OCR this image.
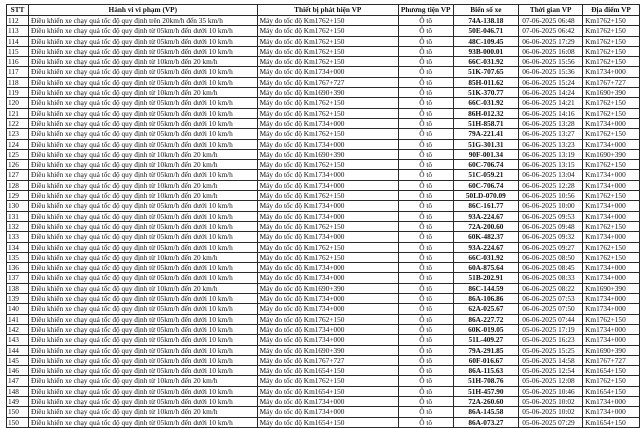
STT	Hành vi vi phạm (VP)	Thiết bị phát hiện VP	Phương tiện VP	Biển số xe	Thời gian VP	Địa điểm VP
112	Điều khiển xe chạy quá tốc độ quy định trên 20km/h đến 35 km/h	Máy đo tốc độ Km1762+150	Ô tô	74A-138.18	07-06-2025 06:48	Km1762+150
113	Điều khiển xe chạy quá tốc độ quy định từ 05km/h đến dưới 10 km/h	Máy đo tốc độ Km1762+150	Ô tô	50E-046.71	07-06-2025 06:42	Km1762+150
114	Điều khiển xe chạy quá tốc độ quy định từ 05km/h đến dưới 10 km/h	Máy đo tốc độ Km1762+150	Ô tô	48C-109.45	06-06-2025 17:29	Km1762+150
115	Điều khiển xe chạy quá tốc độ quy định từ 05km/h đến dưới 10 km/h	Máy đo tốc độ Km1762+150	Ô tô	93B-000.01	06-06-2025 16:08	Km1762+150
116	Điều khiển xe chạy quá tốc độ quy định từ 10km/h đến 20 km/h	Máy đo tốc độ Km1762+150	Ô tô	66C-031.92	06-06-2025 15:56	Km1762+150
117	Điều khiển xe chạy quá tốc độ quy định từ 05km/h đến dưới 10 km/h	Máy đo tốc độ Km1734+000	Ô tô	51K-707.65	06-06-2025 15:36	Km1734+000
118	Điều khiển xe chạy quá tốc độ quy định từ 05km/h đến dưới 10 km/h	Máy đo tốc độ Km1767+727	Ô tô	85H-011.62	06-06-2025 15:24	Km1767+727
119	Điều khiển xe chạy quá tốc độ quy định từ 10km/h đến 20 km/h	Máy đo tốc độ Km1690+390	Ô tô	51K-370.77	06-06-2025 14:24	Km1690+390
120	Điều khiển xe chạy quá tốc độ quy định từ 05km/h đến dưới 10 km/h	Máy đo tốc độ Km1762+150	Ô tô	66C-031.92	06-06-2025 14:21	Km1762+150
121	Điều khiển xe chạy quá tốc độ quy định từ 05km/h đến dưới 10 km/h	Máy đo tốc độ Km1762+150	Ô tô	86H-012.32	06-06-2025 14:16	Km1762+150
122	Điều khiển xe chạy quá tốc độ quy định từ 05km/h đến dưới 10 km/h	Máy đo tốc độ Km1734+000	Ô tô	51H-858.71	06-06-2025 13:28	Km1734+000
123	Điều khiển xe chạy quá tốc độ quy định từ 05km/h đến dưới 10 km/h	Máy đo tốc độ Km1762+150	Ô tô	79A-221.41	06-06-2025 13:27	Km1762+150
124	Điều khiển xe chạy quá tốc độ quy định từ 05km/h đến dưới 10 km/h	Máy đo tốc độ Km1734+000	Ô tô	51G-301.31	06-06-2025 13:23	Km1734+000
125	Điều khiển xe chạy quá tốc độ quy định từ 10km/h đến 20 km/h	Máy đo tốc độ Km1690+390	Ô tô	90F-001.34	06-06-2025 13:19	Km1690+390
126	Điều khiển xe chạy quá tốc độ quy định từ 10km/h đến 20 km/h	Máy đo tốc độ Km1762+150	Ô tô	60C-706.74	06-06-2025 13:15	Km1762+150
127	Điều khiển xe chạy quá tốc độ quy định từ 05km/h đến dưới 10 km/h	Máy đo tốc độ Km1734+000	Ô tô	51C-059.21	06-06-2025 13:04	Km1734+000
128	Điều khiển xe chạy quá tốc độ quy định từ 10km/h đến 20 km/h	Máy đo tốc độ Km1734+000	Ô tô	60C-706.74	06-06-2025 12:28	Km1734+000
129	Điều khiển xe chạy quá tốc độ quy định từ 10km/h đến 20 km/h	Máy đo tốc độ Km1762+150	Ô tô	50LD-070.09	06-06-2025 10:56	Km1762+150
130	Điều khiển xe chạy quá tốc độ quy định từ 05km/h đến dưới 10 km/h	Máy đo tốc độ Km1734+000	Ô tô	86C-161.77	06-06-2025 10:00	Km1734+000
131	Điều khiển xe chạy quá tốc độ quy định từ 05km/h đến dưới 10 km/h	Máy đo tốc độ Km1734+000	Ô tô	93A-224.67	06-06-2025 09:53	Km1734+000
132	Điều khiển xe chạy quá tốc độ quy định từ 05km/h đến dưới 10 km/h	Máy đo tốc độ Km1762+150	Ô tô	72A-200.60	06-06-2025 09:48	Km1762+150
133	Điều khiển xe chạy quá tốc độ quy định từ 05km/h đến dưới 10 km/h	Máy đo tốc độ Km1734+000	Ô tô	60K-482.37	06-06-2025 09:32	Km1734+000
134	Điều khiển xe chạy quá tốc độ quy định từ 05km/h đến dưới 10 km/h	Máy đo tốc độ Km1762+150	Ô tô	93A-224.67	06-06-2025 09:27	Km1762+150
135	Điều khiển xe chạy quá tốc độ quy định từ 10km/h đến 20 km/h	Máy đo tốc độ Km1762+150	Ô tô	66C-031.92	06-06-2025 08:50	Km1762+150
136	Điều khiển xe chạy quá tốc độ quy định từ 05km/h đến dưới 10 km/h	Máy đo tốc độ Km1734+000	Ô tô	60A-875.64	06-06-2025 08:45	Km1734+000
137	Điều khiển xe chạy quá tốc độ quy định từ 05km/h đến dưới 10 km/h	Máy đo tốc độ Km1734+000	Ô tô	51B-202.91	06-06-2025 08:33	Km1734+000
138	Điều khiển xe chạy quá tốc độ quy định từ 10km/h đến 20 km/h	Máy đo tốc độ Km1690+390	Ô tô	86C-144.59	06-06-2025 08:22	Km1690+390
139	Điều khiển xe chạy quá tốc độ quy định từ 05km/h đến dưới 10 km/h	Máy đo tốc độ Km1734+000	Ô tô	86A-106.86	06-06-2025 07:53	Km1734+000
140	Điều khiển xe chạy quá tốc độ quy định từ 05km/h đến dưới 10 km/h	Máy đo tốc độ Km1734+000	Ô tô	62A-025.67	06-06-2025 07:50	Km1734+000
141	Điều khiển xe chạy quá tốc độ quy định từ 05km/h đến dưới 10 km/h	Máy đo tốc độ Km1762+150	Ô tô	86A-227.72	06-06-2025 07:44	Km1762+150
142	Điều khiển xe chạy quá tốc độ quy định từ 05km/h đến dưới 10 km/h	Máy đo tốc độ Km1734+000	Ô tô	60K-019.05	05-06-2025 17:19	Km1734+000
143	Điều khiển xe chạy quá tốc độ quy định từ 05km/h đến dưới 10 km/h	Máy đo tốc độ Km1734+000	Ô tô	51L-409.27	05-06-2025 16:23	Km1734+000
144	Điều khiển xe chạy quá tốc độ quy định từ 05km/h đến dưới 10 km/h	Máy đo tốc độ Km1690+390	Ô tô	79A-291.85	05-06-2025 15:25	Km1690+390
145	Điều khiển xe chạy quá tốc độ quy định từ 05km/h đến dưới 10 km/h	Máy đo tốc độ Km1767+727	Ô tô	60F-016.67	05-06-2025 14:58	Km1767+727
146	Điều khiển xe chạy quá tốc độ quy định từ 05km/h đến dưới 10 km/h	Máy đo tốc độ Km1654+150	Ô tô	86A-115.63	05-06-2025 12:54	Km1654+150
147	Điều khiển xe chạy quá tốc độ quy định từ 10km/h đến 20 km/h	Máy đo tốc độ Km1762+150	Ô tô	51H-708.76	05-06-2025 12:08	Km1762+150
148	Điều khiển xe chạy quá tốc độ quy định từ 05km/h đến dưới 10 km/h	Máy đo tốc độ Km1654+150	Ô tô	51H-457.90	05-06-2025 10:46	Km1654+150
149	Điều khiển xe chạy quá tốc độ quy định từ 05km/h đến dưới 10 km/h	Máy đo tốc độ Km1734+000	Ô tô	72A-260.60	05-06-2025 10:02	Km1734+000
150	Điều khiển xe chạy quá tốc độ quy định từ 10km/h đến 20 km/h	Máy đo tốc độ Km1734+000	Ô tô	86A-145.58	05-06-2025 10:02	Km1734+000
150	Điều khiển xe chạy quá tốc độ quy định từ 05km/h đến dưới 10 km/h	Máy đo tốc độ Km1654+150	Ô tô	86A-073.27	05-06-2025 07:29	Km1654+150
